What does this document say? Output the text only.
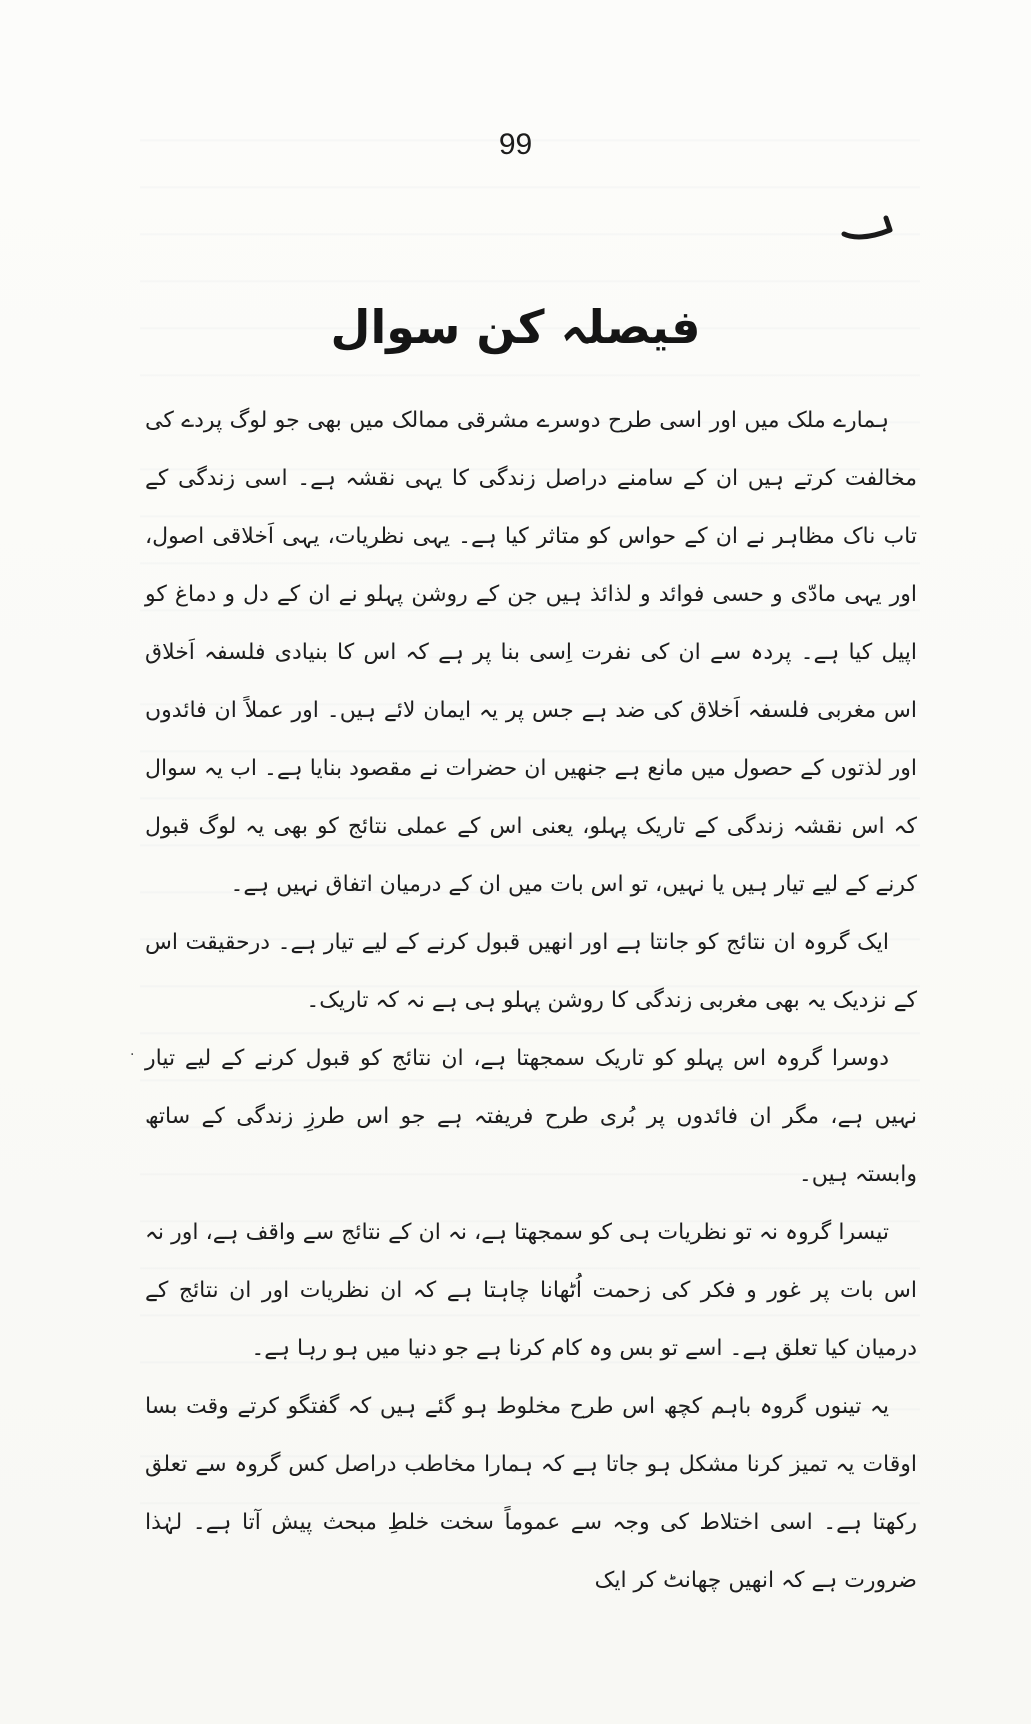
99
فیصلہ کن سوال

ہمارے ملک میں اور اسی طرح دوسرے مشرقی ممالک میں بھی جو لوگ پردے کی مخالفت کرتے ہیں ان کے سامنے دراصل زندگی کا یہی نقشہ ہے۔ اسی زندگی کے تاب ناک مظاہر نے ان کے حواس کو متاثر کیا ہے۔ یہی نظریات، یہی اَخلاقی اصول، اور یہی مادّی و حسی فوائد و لذائذ ہیں جن کے روشن پہلو نے ان کے دل و دماغ کو اپیل کیا ہے۔ پردہ سے ان کی نفرت اِسی بنا پر ہے کہ اس کا بنیادی فلسفہ اَخلاق اس مغربی فلسفہ اَخلاق کی ضد ہے جس پر یہ ایمان لائے ہیں۔ اور عملاً ان فائدوں اور لذتوں کے حصول میں مانع ہے جنھیں ان حضرات نے مقصود بنایا ہے۔ اب یہ سوال کہ اس نقشہ زندگی کے تاریک پہلو، یعنی اس کے عملی نتائج کو بھی یہ لوگ قبول کرنے کے لیے تیار ہیں یا نہیں، تو اس بات میں ان کے درمیان اتفاق نہیں ہے۔

ایک گروہ ان نتائج کو جانتا ہے اور انھیں قبول کرنے کے لیے تیار ہے۔ درحقیقت اس کے نزدیک یہ بھی مغربی زندگی کا روشن پہلو ہی ہے نہ کہ تاریک۔

دوسرا گروہ اس پہلو کو تاریک سمجھتا ہے، ان نتائج کو قبول کرنے کے لیے تیار نہیں ہے، مگر ان فائدوں پر بُری طرح فریفتہ ہے جو اس طرزِ زندگی کے ساتھ وابستہ ہیں۔

تیسرا گروہ نہ تو نظریات ہی کو سمجھتا ہے، نہ ان کے نتائج سے واقف ہے، اور نہ اس بات پر غور و فکر کی زحمت اُٹھانا چاہتا ہے کہ ان نظریات اور ان نتائج کے درمیان کیا تعلق ہے۔ اسے تو بس وہ کام کرنا ہے جو دنیا میں ہو رہا ہے۔

یہ تینوں گروہ باہم کچھ اس طرح مخلوط ہو گئے ہیں کہ گفتگو کرتے وقت بسا اوقات یہ تمیز کرنا مشکل ہو جاتا ہے کہ ہمارا مخاطب دراصل کس گروہ سے تعلق رکھتا ہے۔ اسی اختلاط کی وجہ سے عموماً سخت خلطِ مبحث پیش آتا ہے۔ لہٰذا ضرورت ہے کہ انھیں چھانٹ کر ایک

·
